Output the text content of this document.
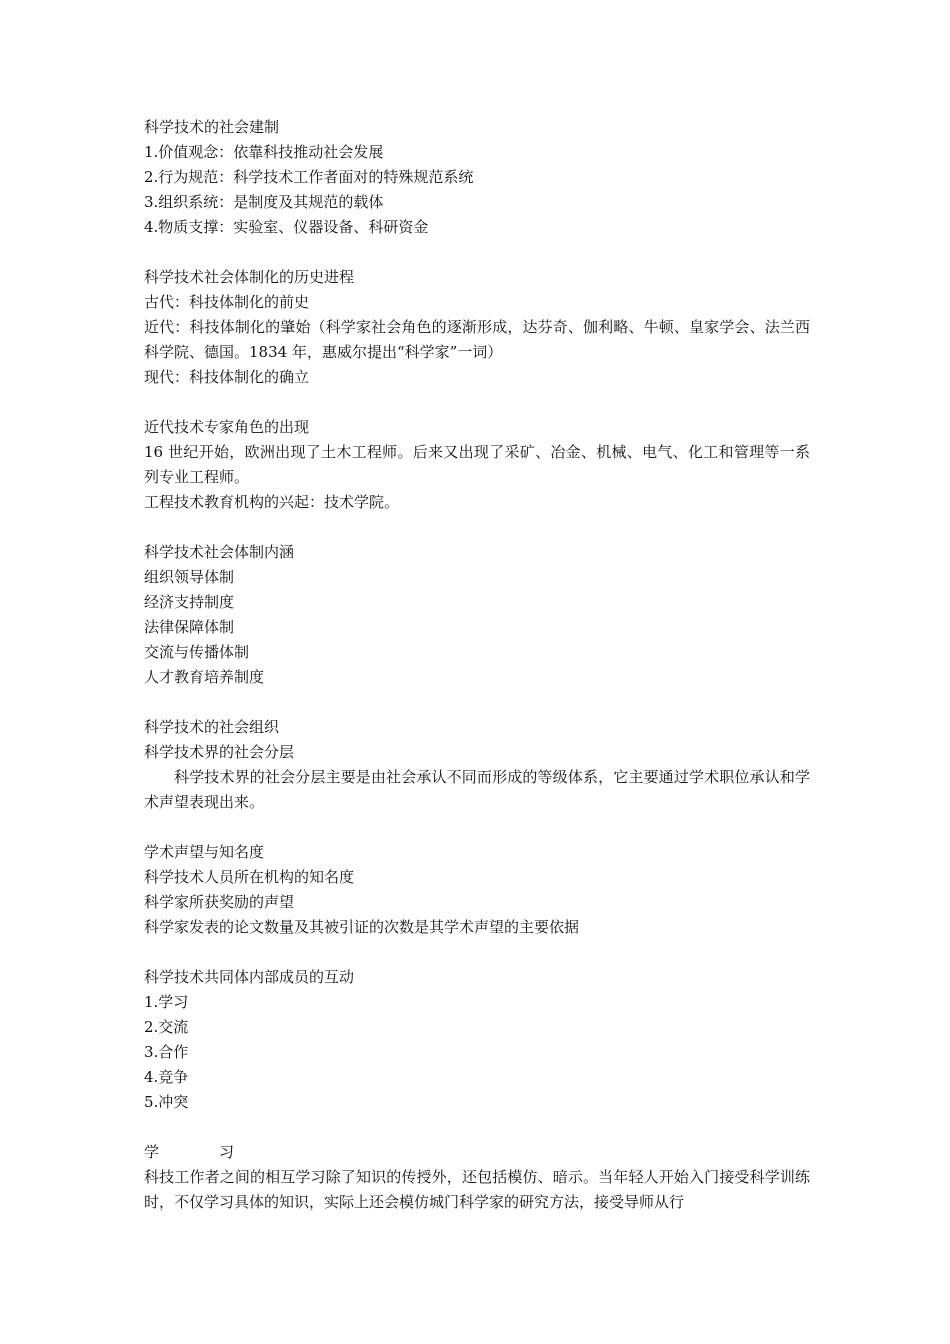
科学技术的社会建制

1.价值观念：依靠科技推动社会发展

2.行为规范：科学技术工作者面对的特殊规范系统

3.组织系统：是制度及其规范的载体

4.物质支撑：实验室、仪器设备、科研资金

科学技术社会体制化的历史进程

古代：科技体制化的前史

近代：科技体制化的肇始（科学家社会角色的逐渐形成，达芬奇、伽利略、牛顿、皇家学会、法兰西科学院、德国。1834 年，惠威尔提出“科学家”一词）

现代：科技体制化的确立

近代技术专家角色的出现

16 世纪开始，欧洲出现了土木工程师。后来又出现了采矿、冶金、机械、电气、化工和管理等一系列专业工程师。

工程技术教育机构的兴起：技术学院。

科学技术社会体制内涵

组织领导体制

经济支持制度

法律保障体制

交流与传播体制

人才教育培养制度

科学技术的社会组织

科学技术界的社会分层

科学技术界的社会分层主要是由社会承认不同而形成的等级体系，它主要通过学术职位承认和学术声望表现出来。

学术声望与知名度

科学技术人员所在机构的知名度

科学家所获奖励的声望

科学家发表的论文数量及其被引证的次数是其学术声望的主要依据

科学技术共同体内部成员的互动

1.学习

2.交流

3.合作

4.竞争

5.冲突

学	习

科技工作者之间的相互学习除了知识的传授外，还包括模仿、暗示。当年轻人开始入门接受科学训练时，不仅学习具体的知识，实际上还会模仿城门科学家的研究方法，接受导师从行
